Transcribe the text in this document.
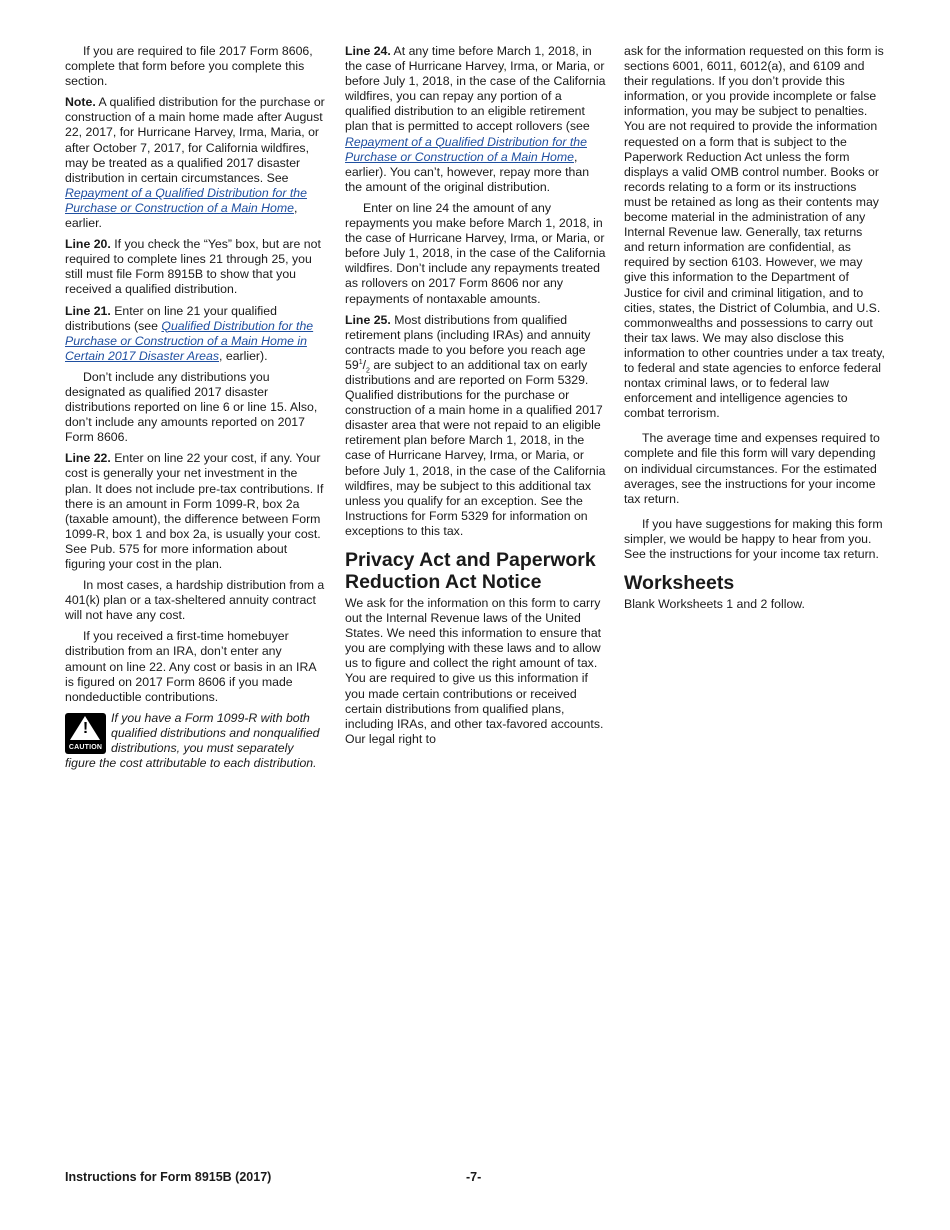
If you are required to file 2017 Form 8606, complete that form before you complete this section.

Note. A qualified distribution for the purchase or construction of a main home made after August 22, 2017, for Hurricane Harvey, Irma, Maria, or after October 7, 2017, for California wildfires, may be treated as a qualified 2017 disaster distribution in certain circumstances. See Repayment of a Qualified Distribution for the Purchase or Construction of a Main Home, earlier.

Line 20. If you check the “Yes” box, but are not required to complete lines 21 through 25, you still must file Form 8915B to show that you received a qualified distribution.

Line 21. Enter on line 21 your qualified distributions (see Qualified Distribution for the Purchase or Construction of a Main Home in Certain 2017 Disaster Areas, earlier).

Don’t include any distributions you designated as qualified 2017 disaster distributions reported on line 6 or line 15. Also, don’t include any amounts reported on 2017 Form 8606.

Line 22. Enter on line 22 your cost, if any. Your cost is generally your net investment in the plan. It does not include pre-tax contributions. If there is an amount in Form 1099-R, box 2a (taxable amount), the difference between Form 1099-R, box 1 and box 2a, is usually your cost. See Pub. 575 for more information about figuring your cost in the plan.

In most cases, a hardship distribution from a 401(k) plan or a tax-sheltered annuity contract will not have any cost.

If you received a first-time homebuyer distribution from an IRA, don’t enter any amount on line 22. Any cost or basis in an IRA is figured on 2017 Form 8606 if you made nondeductible contributions.

!
CAUTION
If you have a Form 1099-R with both qualified distributions and nonqualified distributions, you must separately figure the cost attributable to each distribution.

Line 24. At any time before March 1, 2018, in the case of Hurricane Harvey, Irma, or Maria, or before July 1, 2018, in the case of the California wildfires, you can repay any portion of a qualified distribution to an eligible retirement plan that is permitted to accept rollovers (see Repayment of a Qualified Distribution for the Purchase or Construction of a Main Home, earlier). You can’t, however, repay more than the amount of the original distribution.

Enter on line 24 the amount of any repayments you make before March 1, 2018, in the case of Hurricane Harvey, Irma, or Maria, or before July 1, 2018, in the case of the California wildfires. Don’t include any repayments treated as rollovers on 2017 Form 8606 nor any repayments of nontaxable amounts.

Line 25. Most distributions from qualified retirement plans (including IRAs) and annuity contracts made to you before you reach age $59^1/_2$ are subject to an additional tax on early distributions and are reported on Form 5329. Qualified distributions for the purchase or construction of a main home in a qualified 2017 disaster area that were not repaid to an eligible retirement plan before March 1, 2018, in the case of Hurricane Harvey, Irma, or Maria, or before July 1, 2018, in the case of the California wildfires, may be subject to this additional tax unless you qualify for an exception. See the Instructions for Form 5329 for information on exceptions to this tax.

Privacy Act and Paperwork Reduction Act Notice

We ask for the information on this form to carry out the Internal Revenue laws of the United States. We need this information to ensure that you are complying with these laws and to allow us to figure and collect the right amount of tax. You are required to give us this information if you made certain contributions or received certain distributions from qualified plans, including IRAs, and other tax-favored accounts. Our legal right to

ask for the information requested on this form is sections 6001, 6011, 6012(a), and 6109 and their regulations. If you don’t provide this information, or you provide incomplete or false information, you may be subject to penalties. You are not required to provide the information requested on a form that is subject to the Paperwork Reduction Act unless the form displays a valid OMB control number. Books or records relating to a form or its instructions must be retained as long as their contents may become material in the administration of any Internal Revenue law. Generally, tax returns and return information are confidential, as required by section 6103. However, we may give this information to the Department of Justice for civil and criminal litigation, and to cities, states, the District of Columbia, and U.S. commonwealths and possessions to carry out their tax laws. We may also disclose this information to other countries under a tax treaty, to federal and state agencies to enforce federal nontax criminal laws, or to federal law enforcement and intelligence agencies to combat terrorism.

The average time and expenses required to complete and file this form will vary depending on individual circumstances. For the estimated averages, see the instructions for your income tax return.

If you have suggestions for making this form simpler, we would be happy to hear from you. See the instructions for your income tax return.

Worksheets

Blank Worksheets 1 and 2 follow.

Instructions for Form 8915B (2017)	-7-
